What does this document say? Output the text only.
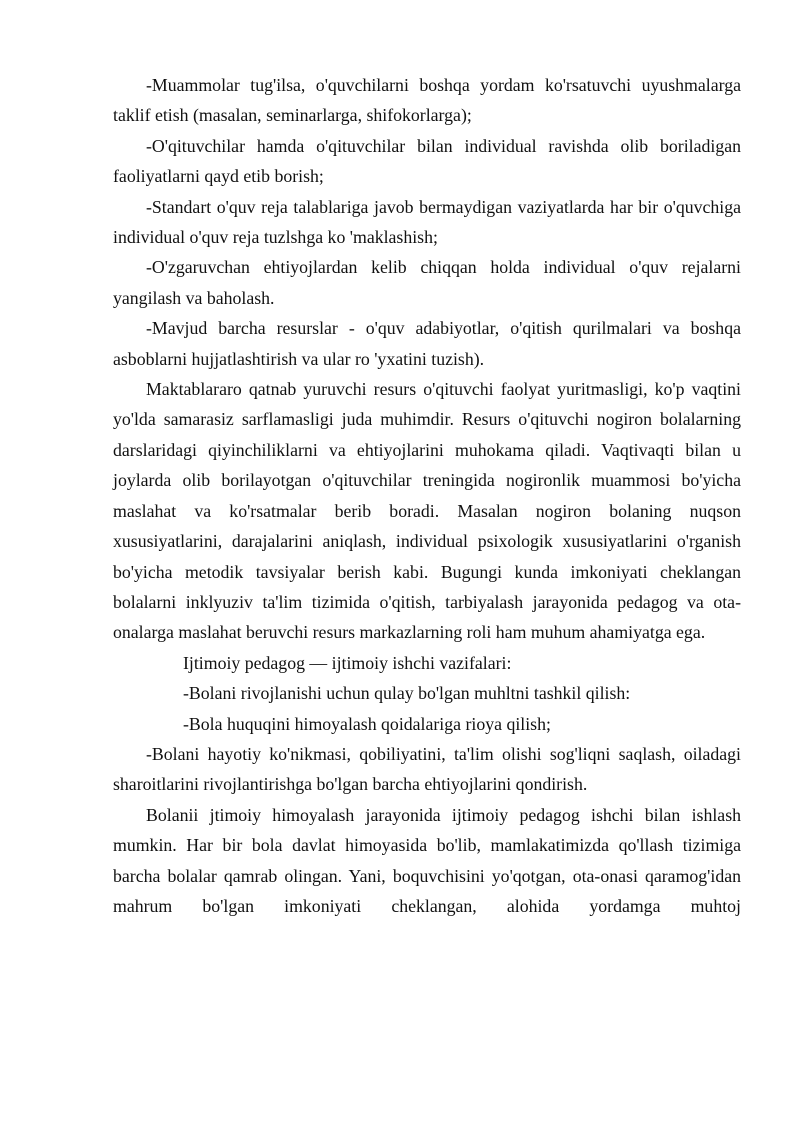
-Muammolar tug'ilsa, o'quvchilarni boshqa yordam ko'rsatuvchi uyushmalarga taklif etish (masalan, seminarlarga, shifokorlarga);

-O'qituvchilar hamda o'qituvchilar bilan individual ravishda olib boriladigan faoliyatlarni qayd etib borish;

-Standart o'quv reja talablariga javob bermaydigan vaziyatlarda har bir o'quvchiga individual o'quv reja tuzlshga ko 'maklashish;

-O'zgaruvchan ehtiyojlardan kelib chiqqan holda individual o'quv rejalarni yangilash va baholash.

-Mavjud barcha resurslar - o'quv adabiyotlar, o'qitish qurilmalari va boshqa asboblarni hujjatlashtirish va ular ro 'yxatini tuzish).

Maktablararo qatnab yuruvchi resurs o'qituvchi faolyat yuritmasligi, ko'p vaqtini yo'lda samarasiz sarflamasligi juda muhimdir. Resurs o'qituvchi nogiron bolalarning darslaridagi qiyinchiliklarni va ehtiyojlarini muhokama qiladi. Vaqtivaqti bilan u joylarda olib borilayotgan o'qituvchilar treningida nogironlik muammosi bo'yicha maslahat va ko'rsatmalar berib boradi. Masalan nogiron bolaning nuqson xususiyatlarini, darajalarini aniqlash, individual psixologik xususiyatlarini o'rganish bo'yicha metodik tavsiyalar berish kabi. Bugungi kunda imkoniyati cheklangan bolalarni inklyuziv ta'lim tizimida o'qitish, tarbiyalash jarayonida pedagog va ota-onalarga maslahat beruvchi resurs markazlarning roli ham muhum ahamiyatga ega.

Ijtimoiy pedagog — ijtimoiy ishchi vazifalari:

-Bolani rivojlanishi uchun qulay bo'lgan muhltni tashkil qilish:

-Bola huquqini himoyalash qoidalariga rioya qilish;

-Bolani hayotiy ko'nikmasi, qobiliyatini, ta'lim olishi sog'liqni saqlash, oiladagi sharoitlarini rivojlantirishga bo'lgan barcha ehtiyojlarini qondirish.

Bolanii jtimoiy himoyalash jarayonida ijtimoiy pedagog ishchi bilan ishlash mumkin. Har bir bola davlat himoyasida bo'lib, mamlakatimizda qo'llash tizimiga barcha bolalar qamrab olingan. Yani, boquvchisini yo'qotgan, ota-onasi qaramog'idan mahrum bo'lgan imkoniyati cheklangan, alohida yordamga muhtoj
